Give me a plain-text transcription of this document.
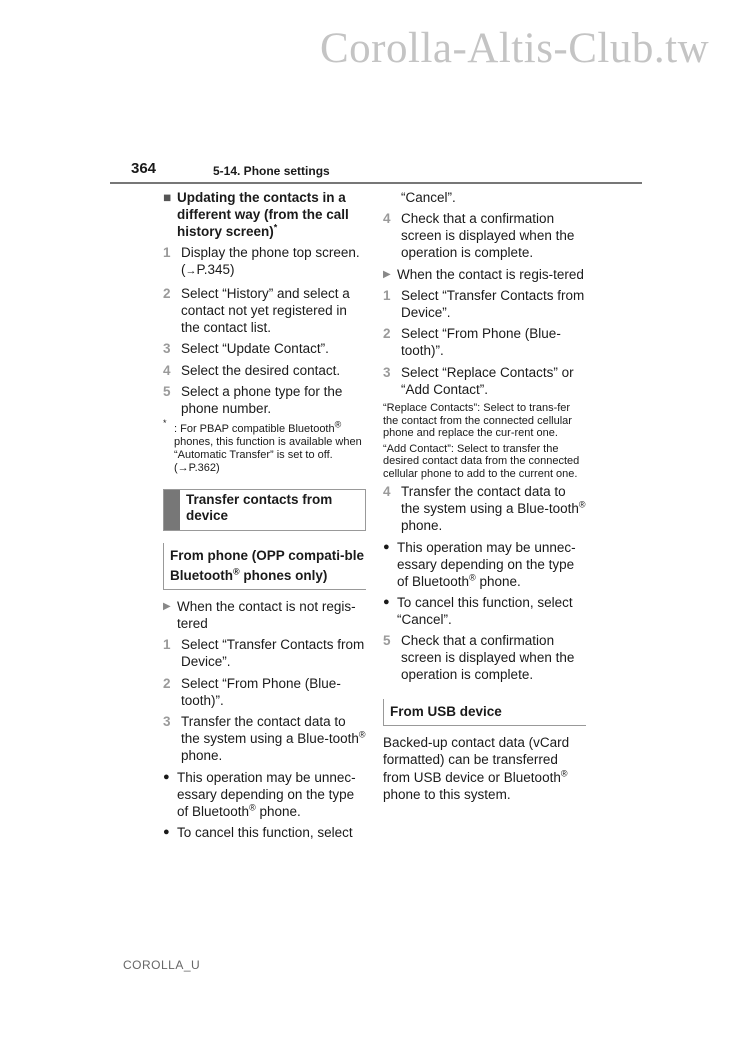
Corolla-Altis-Club.tw
364	5-14. Phone settings
■ Updating the contacts in a different way (from the call history screen)*
1 Display the phone top screen. (→P.345)
2 Select “History” and select a contact not yet registered in the contact list.
3 Select “Update Contact”.
4 Select the desired contact.
5 Select a phone type for the phone number.
* : For PBAP compatible Bluetooth® phones, this function is available when “Automatic Transfer” is set to off. (→P.362)
Transfer contacts from device
From phone (OPP compati-ble Bluetooth® phones only)
▶ When the contact is not regis-tered
1 Select “Transfer Contacts from Device”.
2 Select “From Phone (Blue-tooth)”.
3 Transfer the contact data to the system using a Blue-tooth® phone.
● This operation may be unnec-essary depending on the type of Bluetooth® phone.
● To cancel this function, select
“Cancel”.
4 Check that a confirmation screen is displayed when the operation is complete.
▶ When the contact is regis-tered
1 Select “Transfer Contacts from Device”.
2 Select “From Phone (Blue-tooth)”.
3 Select “Replace Contacts” or “Add Contact”.
“Replace Contacts”: Select to trans-fer the contact from the connected cellular phone and replace the cur-rent one.
“Add Contact”: Select to transfer the desired contact data from the connected cellular phone to add to the current one.
4 Transfer the contact data to the system using a Blue-tooth® phone.
● This operation may be unnec-essary depending on the type of Bluetooth® phone.
● To cancel this function, select “Cancel”.
5 Check that a confirmation screen is displayed when the operation is complete.
From USB device

Backed-up contact data (vCard formatted) can be transferred from USB device or Bluetooth® phone to this system.

COROLLA_U
